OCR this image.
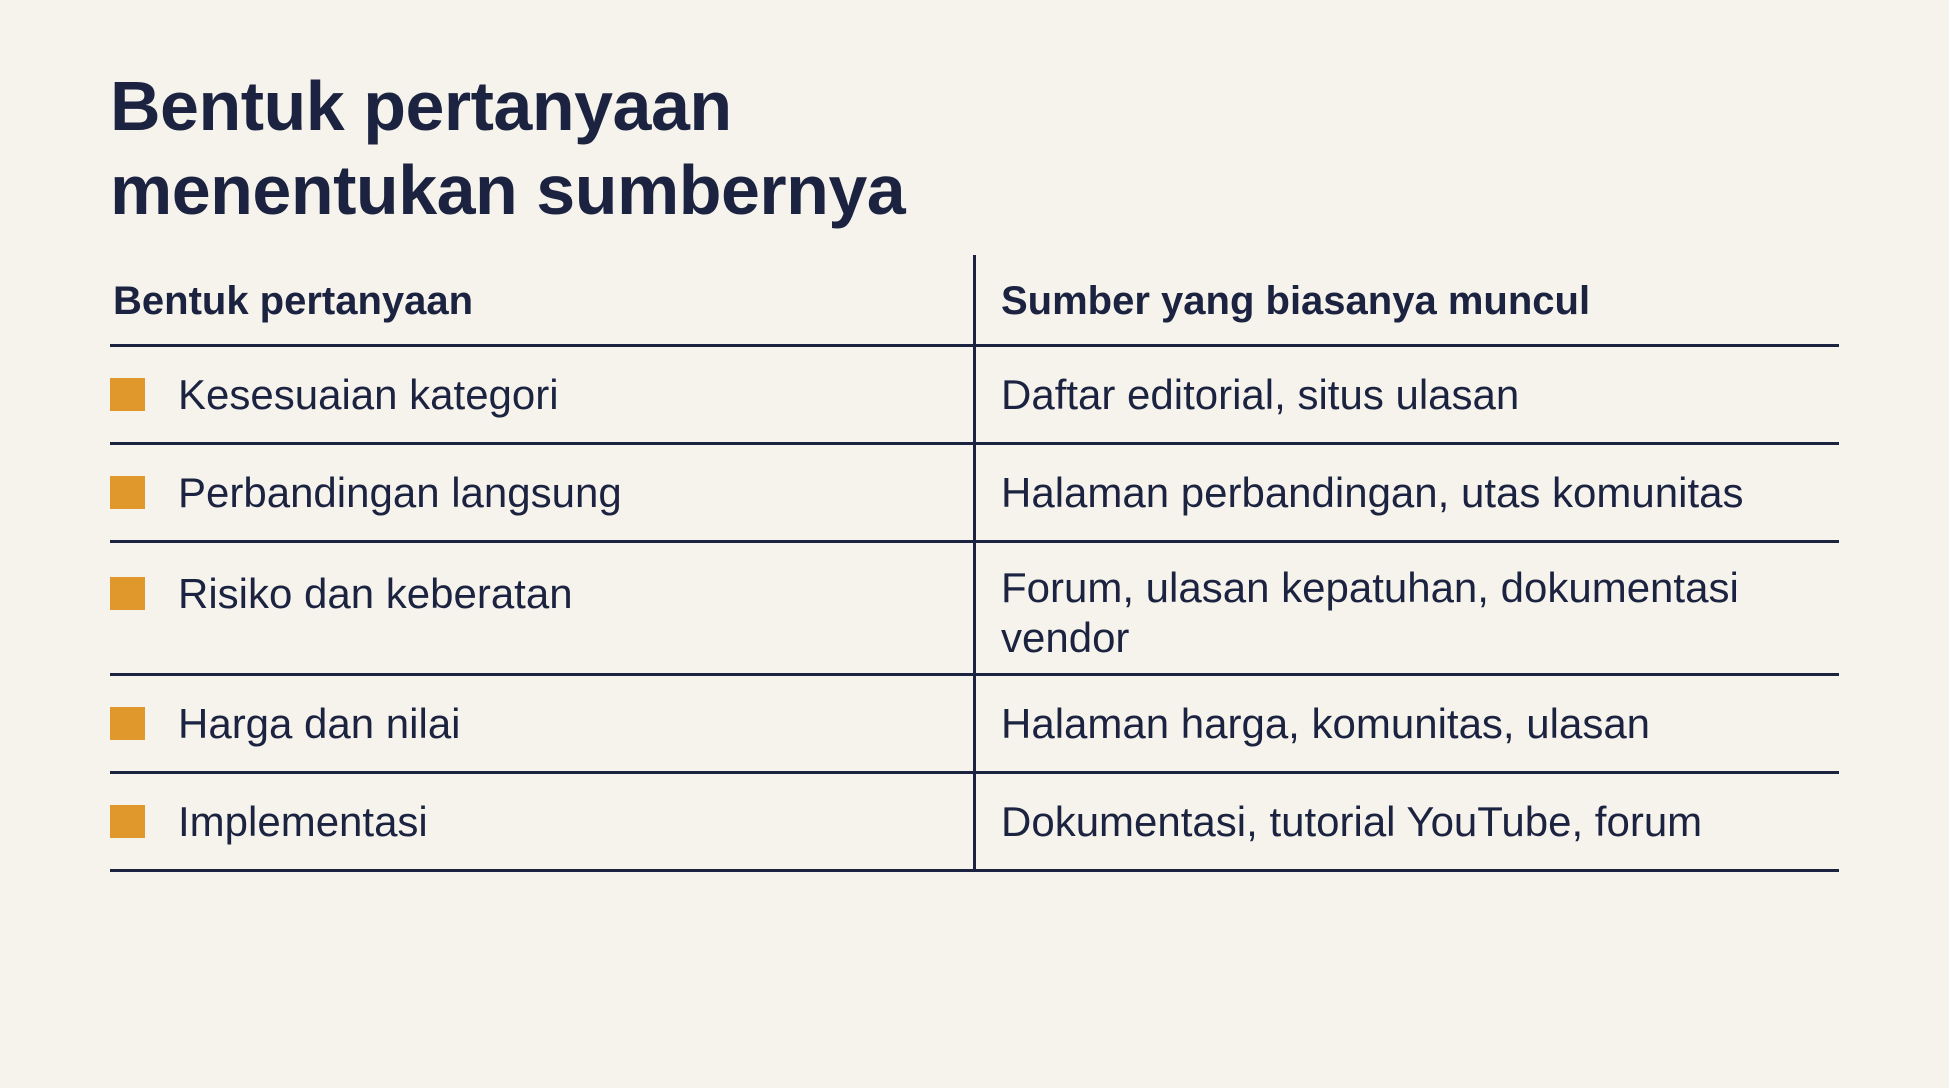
Bentuk pertanyaan
menentukan sumbernya
Bentuk pertanyaan	Sumber yang biasanya muncul
Kesesuaian kategori	Daftar editorial, situs ulasan
Perbandingan langsung	Halaman perbandingan, utas komunitas
Risiko dan keberatan	Forum, ulasan kepatuhan, dokumentasi vendor
Harga dan nilai	Halaman harga, komunitas, ulasan
Implementasi	Dokumentasi, tutorial YouTube, forum
